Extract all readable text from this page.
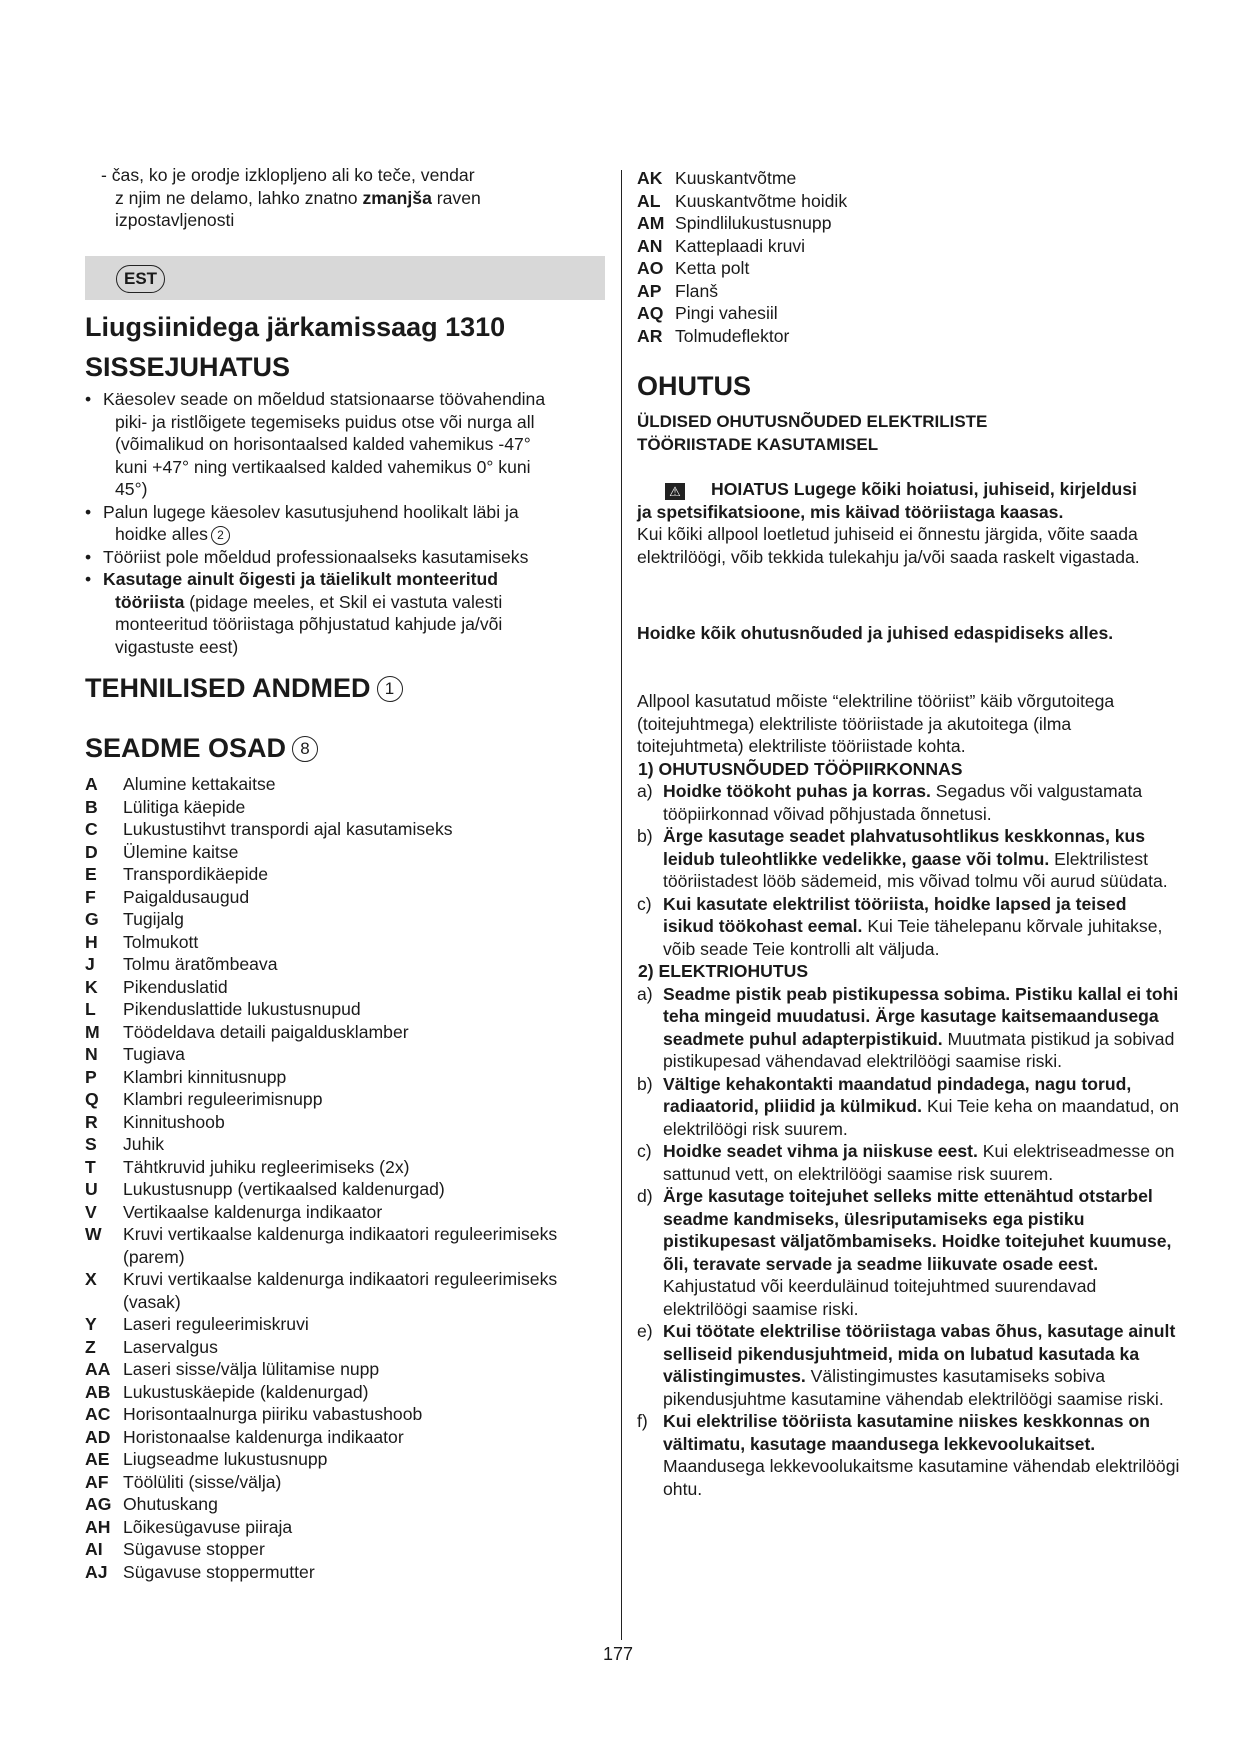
- čas, ko je orodje izklopljeno ali ko teče, vendar

z njim ne delamo, lahko znatno zmanjša raven

izpostavljenosti

EST
Liugsiinidega järkamissaag 1310
SISSEJUHATUS
• Käesolev seade on mõeldud statsionaarse töövahendina
piki- ja ristlõigete tegemiseks puidus otse või nurga all
(võimalikud on horisontaalsed kalded vahemikus -47°
kuni +47° ning vertikaalsed kalded vahemikus 0° kuni
45°)
• Palun lugege käesolev kasutusjuhend hoolikalt läbi ja
hoidke alles 2
• Tööriist pole mõeldud professionaalseks kasutamiseks
• Kasutage ainult õigesti ja täielikult monteeritud
tööriista (pidage meeles, et Skil ei vastuta valesti
monteeritud tööriistaga põhjustatud kahjude ja/või
vigastuste eest)
TEHNILISED ANDMED 1
SEADME OSAD 8
A	Alumine kettakaitse
B	Lülitiga käepide
C	Lukustustihvt transpordi ajal kasutamiseks
D	Ülemine kaitse
E	Transpordikäepide
F	Paigaldusaugud
G	Tugijalg
H	Tolmukott
J	Tolmu äratõmbeava
K	Pikenduslatid
L	Pikenduslattide lukustusnupud
M	Töödeldava detaili paigaldusklamber
N	Tugiava
P	Klambri kinnitusnupp
Q	Klambri reguleerimisnupp
R	Kinnitushoob
S	Juhik
T	Tähtkruvid juhiku regleerimiseks (2x)
U	Lukustusnupp (vertikaalsed kaldenurgad)
V	Vertikaalse kaldenurga indikaator
W	Kruvi vertikaalse kaldenurga indikaatori reguleerimiseks (parem)
X	Kruvi vertikaalse kaldenurga indikaatori reguleerimiseks (vasak)
Y	Laseri reguleerimiskruvi
Z	Laservalgus
AA Laseri sisse/välja lülitamise nupp
AB Lukustuskäepide (kaldenurgad)
AC Horisontaalnurga piiriku vabastushoob
AD Horistonaalse kaldenurga indikaator
AE Liugseadme lukustusnupp
AF Töölüliti (sisse/välja)
AG Ohutuskang
AH Lõikesügavuse piiraja
AI	Sügavuse stopper
AJ Sügavuse stoppermutter
AK Kuuskantvõtme
AL Kuuskantvõtme hoidik
AM Spindlilukustusnupp
AN Katteplaadi kruvi
AO Ketta polt
AP Flanš
AQ Pingi vahesiil
AR Tolmudeflektor
OHUTUS
ÜLDISED OHUTUSNÕUDED ELEKTRILISTE
TÖÖRIISTADE KASUTAMISEL
⚠ HOIATUS Lugege kõiki hoiatusi, juhiseid, kirjeldusi
ja spetsifikatsioone, mis käivad tööriistaga kaasas.
Kui kõiki allpool loetletud juhiseid ei õnnestu järgida, võite saada elektrilöögi, võib tekkida tulekahju ja/või saada raskelt vigastada.
Hoidke kõik ohutusnõuded ja juhised edaspidiseks alles.
Allpool kasutatud mõiste “elektriline tööriist” käib võrgutoitega (toitejuhtmega) elektriliste tööriistade ja akutoitega (ilma toitejuhtmeta) elektriliste tööriistade kohta.
1) OHUTUSNÕUDED TÖÖPIIRKONNAS
a) Hoidke töökoht puhas ja korras. Segadus või valgustamata tööpiirkonnad võivad põhjustada õnnetusi.
b) Ärge kasutage seadet plahvatusohtlikus keskkonnas, kus leidub tuleohtlikke vedelikke, gaase või tolmu. Elektrilistest tööriistadest lööb sädemeid, mis võivad tolmu või aurud süüdata.
c) Kui kasutate elektrilist tööriista, hoidke lapsed ja teised isikud töökohast eemal. Kui Teie tähelepanu kõrvale juhitakse, võib seade Teie kontrolli alt väljuda.
2) ELEKTRIOHUTUS
a) Seadme pistik peab pistikupessa sobima. Pistiku kallal ei tohi teha mingeid muudatusi. Ärge kasutage kaitsemaandusega seadmete puhul adapterpistikuid. Muutmata pistikud ja sobivad pistikupesad vähendavad elektrilöögi saamise riski.
b) Vältige kehakontakti maandatud pindadega, nagu torud, radiaatorid, pliidid ja külmikud. Kui Teie keha on maandatud, on elektrilöögi risk suurem.
c) Hoidke seadet vihma ja niiskuse eest. Kui elektriseadmesse on sattunud vett, on elektrilöögi saamise risk suurem.
d) Ärge kasutage toitejuhet selleks mitte ettenähtud otstarbel seadme kandmiseks, ülesriputamiseks ega pistiku pistikupesast väljatõmbamiseks. Hoidke toitejuhet kuumuse, õli, teravate servade ja seadme liikuvate osade eest. Kahjustatud või keerduläinud toitejuhtmed suurendavad elektrilöögi saamise riski.
e) Kui töötate elektrilise tööriistaga vabas õhus, kasutage ainult selliseid pikendusjuhtmeid, mida on lubatud kasutada ka välistingimustes. Välistingimustes kasutamiseks sobiva pikendusjuhtme kasutamine vähendab elektrilöögi saamise riski.
f) Kui elektrilise tööriista kasutamine niiskes keskkonnas on vältimatu, kasutage maandusega lekkevoolukaitset. Maandusega lekkevoolukaitsme kasutamine vähendab elektrilöögi ohtu.
177
